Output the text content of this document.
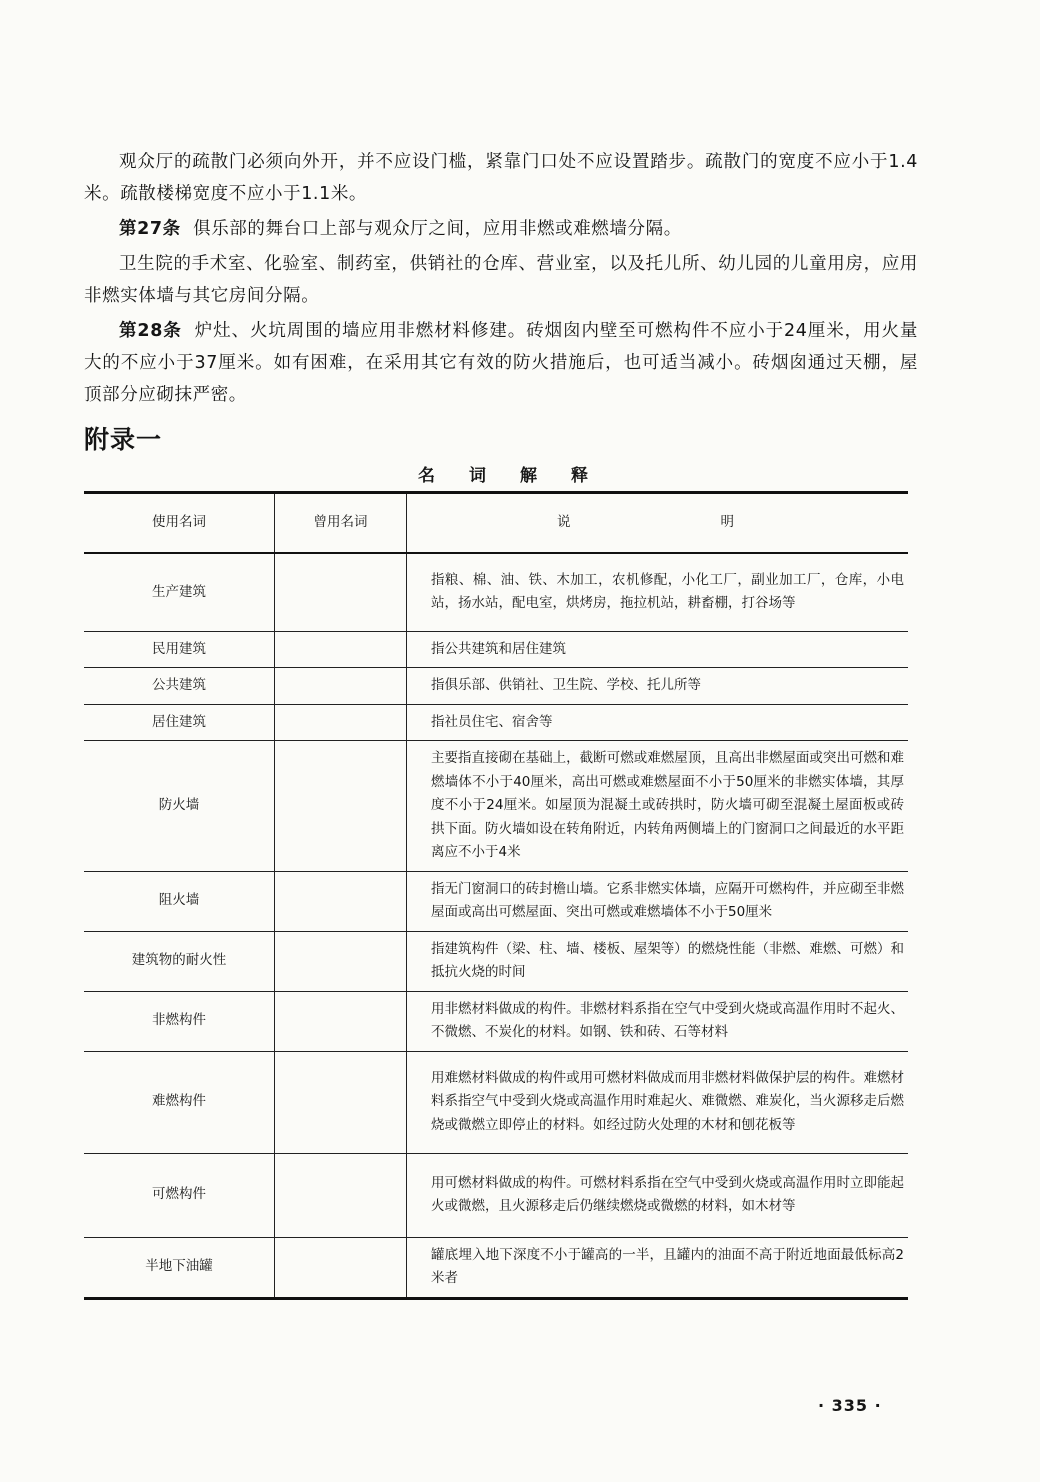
观众厅的疏散门必须向外开，并不应设门槛，紧靠门口处不应设置踏步。疏散门的宽度不应小于1.4米。疏散楼梯宽度不应小于1.1米。

第27条 俱乐部的舞台口上部与观众厅之间，应用非燃或难燃墙分隔。

卫生院的手术室、化验室、制药室，供销社的仓库、营业室，以及托儿所、幼儿园的儿童用房，应用非燃实体墙与其它房间分隔。

第28条 炉灶、火坑周围的墙应用非燃材料修建。砖烟囱内壁至可燃构件不应小于24厘米，用火量大的不应小于37厘米。如有困难，在采用其它有效的防火措施后，也可适当减小。砖烟囱通过天棚，屋顶部分应砌抹严密。

附录一
名词解释
使用名词	曾用名词	说明
生产建筑		指粮、棉、油、铁、木加工，农机修配，小化工厂，副业加工厂，仓库，小电站，扬水站，配电室，烘烤房，拖拉机站，耕畜棚，打谷场等
民用建筑		指公共建筑和居住建筑
公共建筑		指俱乐部、供销社、卫生院、学校、托儿所等
居住建筑		指社员住宅、宿舍等
防火墙		主要指直接砌在基础上，截断可燃或难燃屋顶，且高出非燃屋面或突出可燃和难燃墙体不小于40厘米，高出可燃或难燃屋面不小于50厘米的非燃实体墙，其厚度不小于24厘米。如屋顶为混凝土或砖拱时，防火墙可砌至混凝土屋面板或砖拱下面。防火墙如设在转角附近，内转角两侧墙上的门窗洞口之间最近的水平距离应不小于4米
阻火墙		指无门窗洞口的砖封檐山墙。它系非燃实体墙，应隔开可燃构件，并应砌至非燃屋面或高出可燃屋面、突出可燃或难燃墙体不小于50厘米
建筑物的耐火性		指建筑构件（梁、柱、墙、楼板、屋架等）的燃烧性能（非燃、难燃、可燃）和抵抗火烧的时间
非燃构件		用非燃材料做成的构件。非燃材料系指在空气中受到火烧或高温作用时不起火、不微燃、不炭化的材料。如钢、铁和砖、石等材料
难燃构件		用难燃材料做成的构件或用可燃材料做成而用非燃材料做保护层的构件。难燃材料系指空气中受到火烧或高温作用时难起火、难微燃、难炭化，当火源移走后燃烧或微燃立即停止的材料。如经过防火处理的木材和刨花板等
可燃构件		用可燃材料做成的构件。可燃材料系指在空气中受到火烧或高温作用时立即能起火或微燃，且火源移走后仍继续燃烧或微燃的材料，如木材等
半地下油罐		罐底埋入地下深度不小于罐高的一半，且罐内的油面不高于附近地面最低标高2米者
· 335 ·
